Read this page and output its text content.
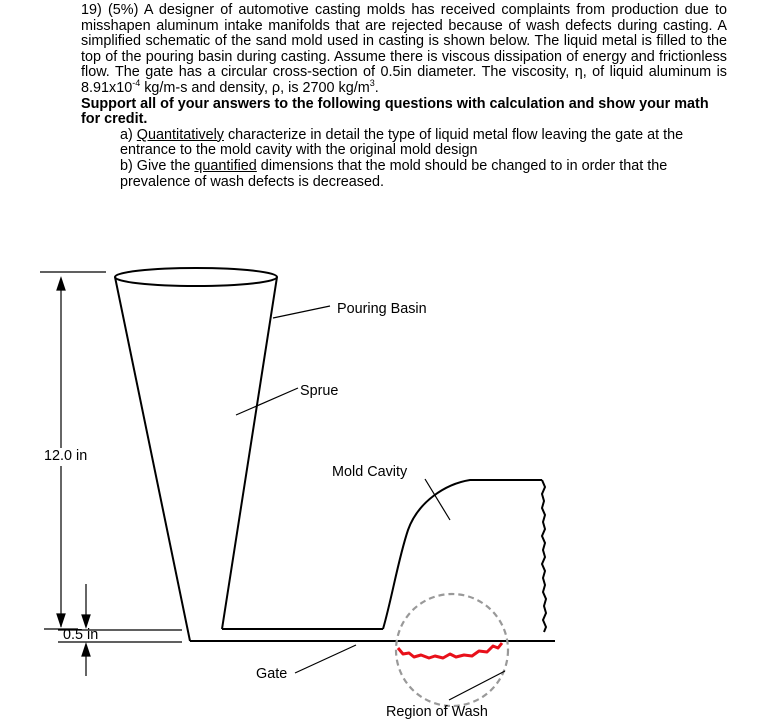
19) (5%) A designer of automotive casting molds has received complaints from production due to misshapen aluminum intake manifolds that are rejected because of wash defects during casting. A simplified schematic of the sand mold used in casting is shown below. The liquid metal is filled to the top of the pouring basin during casting. Assume there is viscous dissipation of energy and frictionless flow. The gate has a circular cross-section of 0.5in diameter. The viscosity, η, of liquid aluminum is $8.91x10^{-4}$ kg/m-s and density, ρ, is 2700 $kg/m^3$.

Support all of your answers to the following questions with calculation and show your math for credit.

a) Quantitatively characterize in detail the type of liquid metal flow leaving the gate at the entrance to the mold cavity with the original mold design

b) Give the quantified dimensions that the mold should be changed to in order that the prevalence of wash defects is decreased.

12.0 in
0.5 in
Pouring Basin
Sprue
Mold Cavity
Gate
Region of Wash
